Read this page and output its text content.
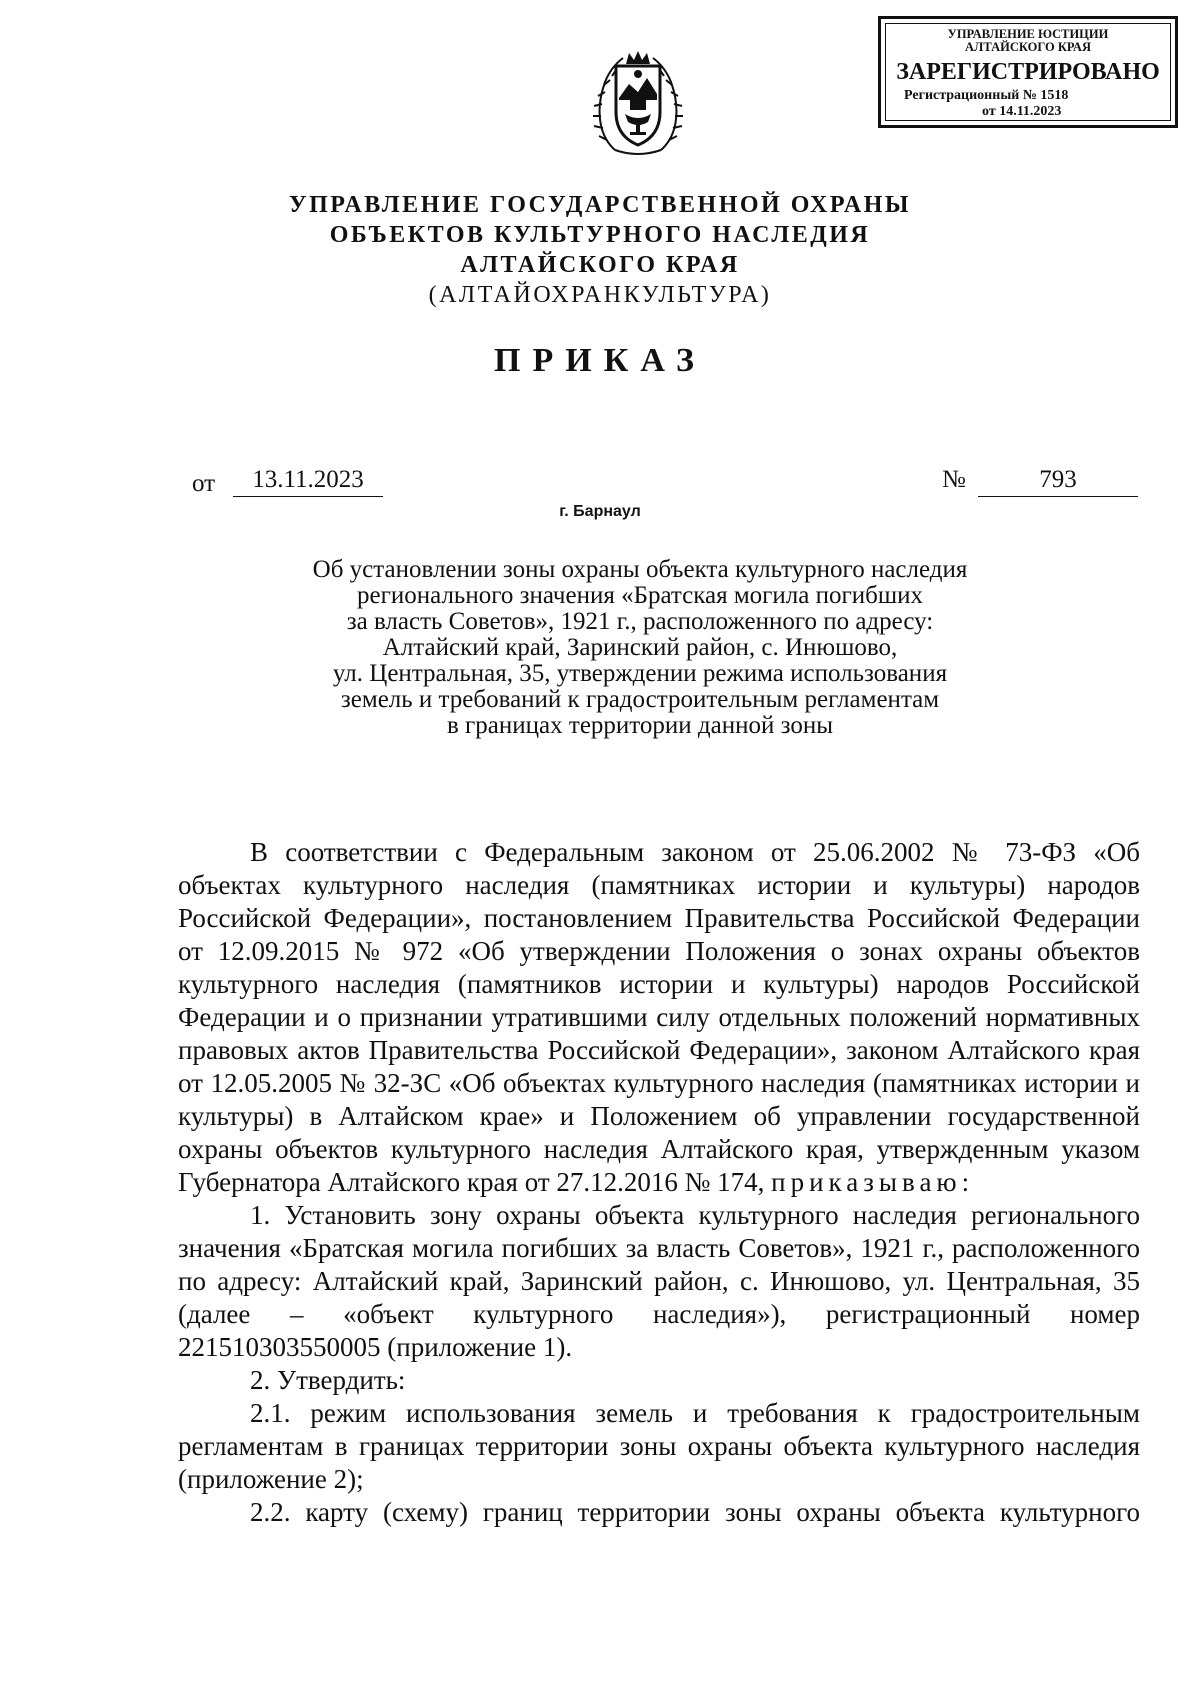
УПРАВЛЕНИЕ ЮСТИЦИИ
АЛТАЙСКОГО КРАЯ
ЗАРЕГИСТРИРОВАНО
Регистрационный № 1518
от 14.11.2023
УПРАВЛЕНИЕ ГОСУДАРСТВЕННОЙ ОХРАНЫ
ОБЪЕКТОВ КУЛЬТУРНОГО НАСЛЕДИЯ
АЛТАЙСКОГО КРАЯ
(АЛТАЙОХРАНКУЛЬТУРА)
ПРИКАЗ
от	13.11.2023	№	793
г. Барнаул
Об установлении зоны охраны объекта культурного наследия
регионального значения «Братская могила погибших
за власть Советов», 1921 г., расположенного по адресу:
Алтайский край, Заринский район, с. Инюшово,
ул. Центральная, 35, утверждении режима использования
земель и требований к градостроительным регламентам
в границах территории данной зоны

В соответствии с Федеральным законом от 25.06.2002 № 73-ФЗ «Об объектах культурного наследия (памятниках истории и культуры) народов Российской Федерации», постановлением Правительства Российской Федерации от 12.09.2015 № 972 «Об утверждении Положения о зонах охраны объектов культурного наследия (памятников истории и культуры) народов Российской Федерации и о признании утратившими силу отдельных положений нормативных правовых актов Правительства Российской Федерации», законом Алтайского края от 12.05.2005 № 32-ЗС «Об объектах культурного наследия (памятниках истории и культуры) в Алтайском крае» и Положением об управлении государственной охраны объектов культурного наследия Алтайского края, утвержденным указом Губернатора Алтайского края от 27.12.2016 № 174, приказываю:

1. Установить зону охраны объекта культурного наследия регионального значения «Братская могила погибших за власть Советов», 1921 г., расположенного по адресу: Алтайский край, Заринский район, с. Инюшово, ул. Центральная, 35 (далее – «объект культурного наследия»), регистрационный номер 221510303550005 (приложение 1).

2. Утвердить:

2.1. режим использования земель и требования к градостроительным регламентам в границах территории зоны охраны объекта культурного наследия (приложение 2);

2.2. карту (схему) границ территории зоны охраны объекта культурного
